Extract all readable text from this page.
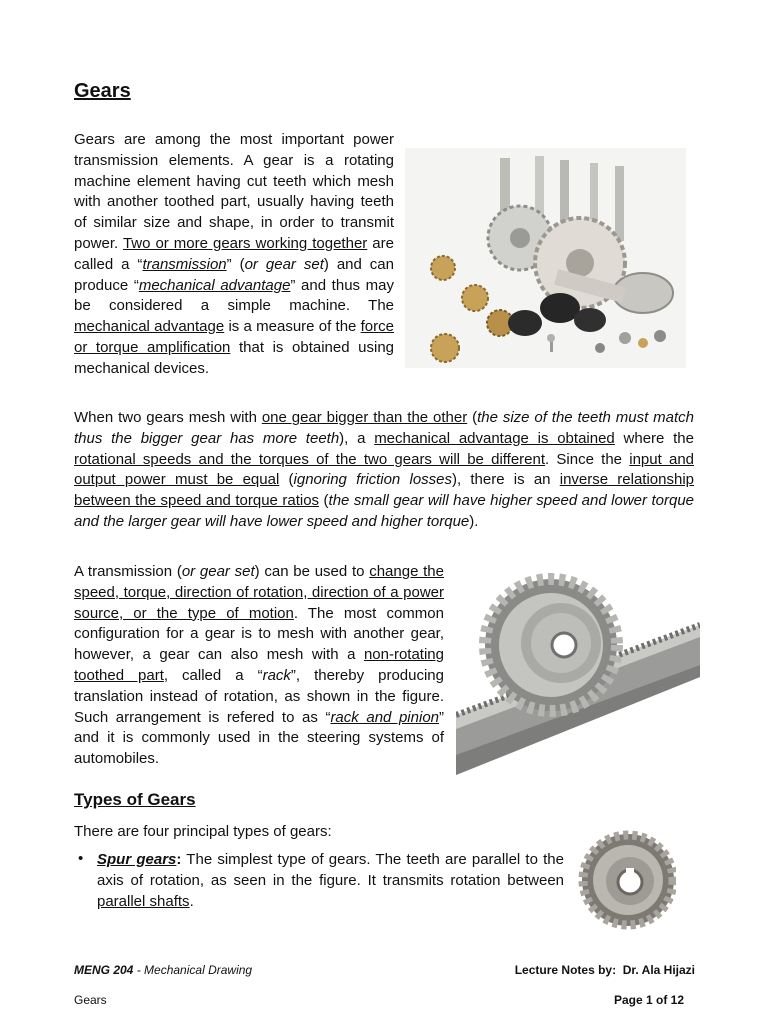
Gears

Gears are among the most important power transmission elements. A gear is a rotating machine element having cut teeth which mesh with another toothed part, usually having teeth of similar size and shape, in order to transmit power. Two or more gears working together are called a “transmission” (or gear set) and can produce “mechanical advantage” and thus may be considered a simple machine. The mechanical advantage is a measure of the force or torque amplification that is obtained using mechanical devices.

When two gears mesh with one gear bigger than the other (the size of the teeth must match thus the bigger gear has more teeth), a mechanical advantage is obtained where the rotational speeds and the torques of the two gears will be different. Since the input and output power must be equal (ignoring friction losses), there is an inverse relationship between the speed and torque ratios (the small gear will have higher speed and lower torque and the larger gear will have lower speed and higher torque).

A transmission (or gear set) can be used to change the speed, torque, direction of rotation, direction of a power source, or the type of motion. The most common configuration for a gear is to mesh with another gear, however, a gear can also mesh with a non-rotating toothed part, called a “rack”, thereby producing translation instead of rotation, as shown in the figure. Such arrangement is refered to as “rack and pinion” and it is commonly used in the steering systems of automobiles.

Types of Gears

There are four principal types of gears:

• Spur gears: The simplest type of gears. The teeth are parallel to the axis of rotation, as seen in the figure. It transmits rotation between parallel shafts.

MENG 204 - Mechanical Drawing	Lecture Notes by: Dr. Ala Hijazi
Gears	Page 1 of 12
